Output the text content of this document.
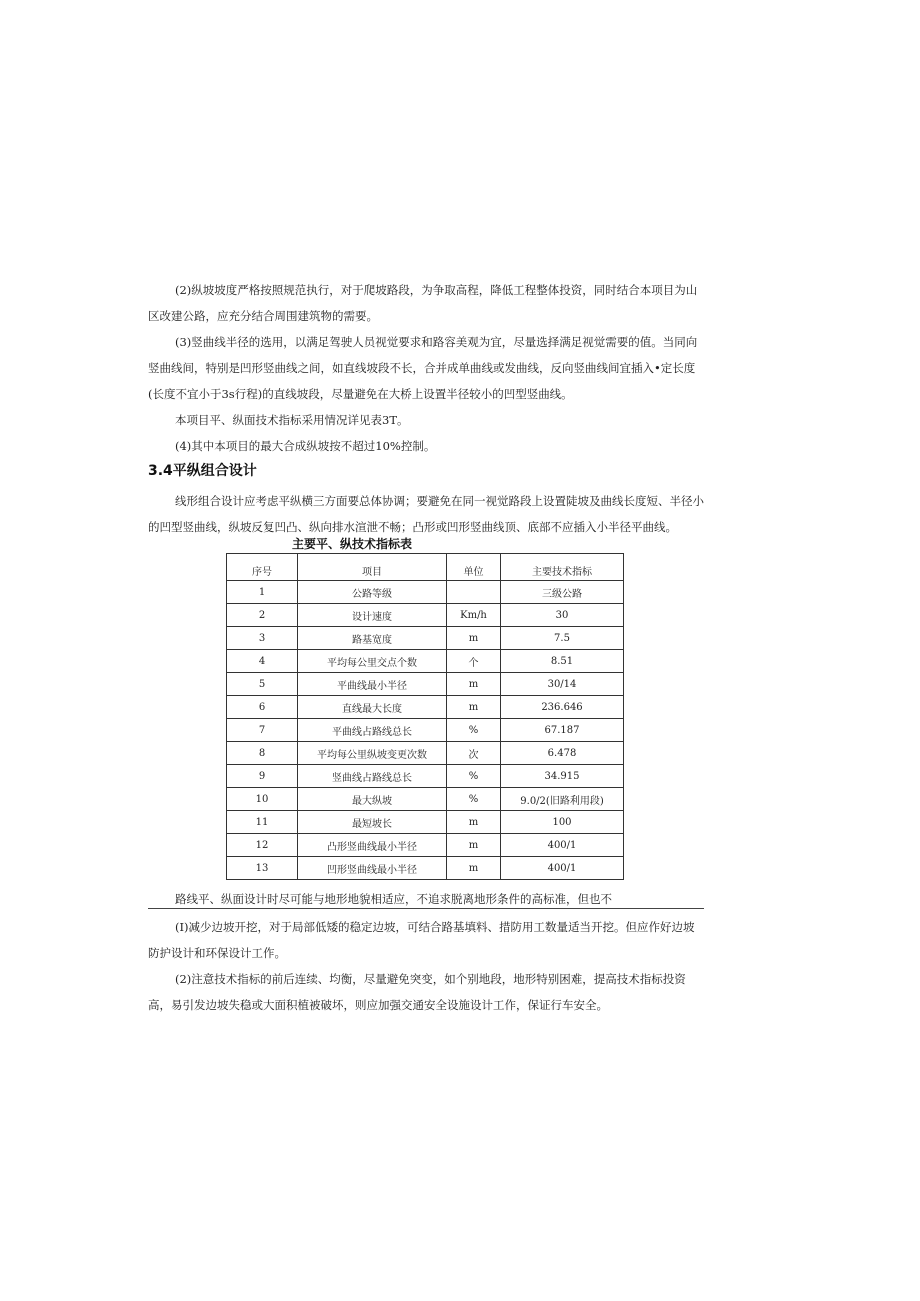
(2)纵坡坡度严格按照规范执行，对于爬坡路段，为争取高程，降低工程整体投资，同时结合本项目为山区改建公路，应充分结合周围建筑物的需要。

(3)竖曲线半径的选用，以满足驾驶人员视觉要求和路容美观为宜，尽量选择满足视觉需要的值。当同向竖曲线间，特别是凹形竖曲线之间，如直线坡段不长，合并成单曲线或发曲线，反向竖曲线间宜插入•定长度(长度不宜小于3s行程)的直线坡段，尽量避免在大桥上设置半径较小的凹型竖曲线。

本项目平、纵面技术指标采用情况详见表3T。

(4)其中本项目的最大合成纵坡按不超过10%控制。

3.4平纵组合设计

线形组合设计应考虑平纵横三方面要总体协调；要避免在同一视觉路段上设置陡坡及曲线长度短、半径小的凹型竖曲线，纵坡反复凹凸、纵向排水渲泄不畅；凸形或凹形竖曲线顶、底部不应插入小半径平曲线。

主要平、纵技术指标表
序号	项目	单位	主要技术指标
1	公路等级		三级公路
2	设计速度	Km/h	30
3	路基宽度	m	7.5
4	平均每公里交点个数	个	8.51
5	平曲线最小半径	m	30/14
6	直线最大长度	m	236.646
7	平曲线占路线总长	%	67.187
8	平均每公里纵坡变更次数	次	6.478
9	竖曲线占路线总长	%	34.915
10	最大纵坡	%	9.0/2(旧路利用段)
11	最短坡长	m	100
12	凸形竖曲线最小半径	m	400/1
13	凹形竖曲线最小半径	m	400/1

路线平、纵面设计时尽可能与地形地貌相适应，不追求脱离地形条件的高标准，但也不

(I)减少边坡开挖，对于局部低矮的稳定边坡，可结合路基填料、措防用工数量适当开挖。但应作好边坡防护设计和环保设计工作。

(2)注意技术指标的前后连续、均衡，尽量避免突变，如个别地段，地形特别困难，提高技术指标投资高，易引发边坡失稳或大面积植被破坏，则应加强交通安全设施设计工作，保证行车安全。
